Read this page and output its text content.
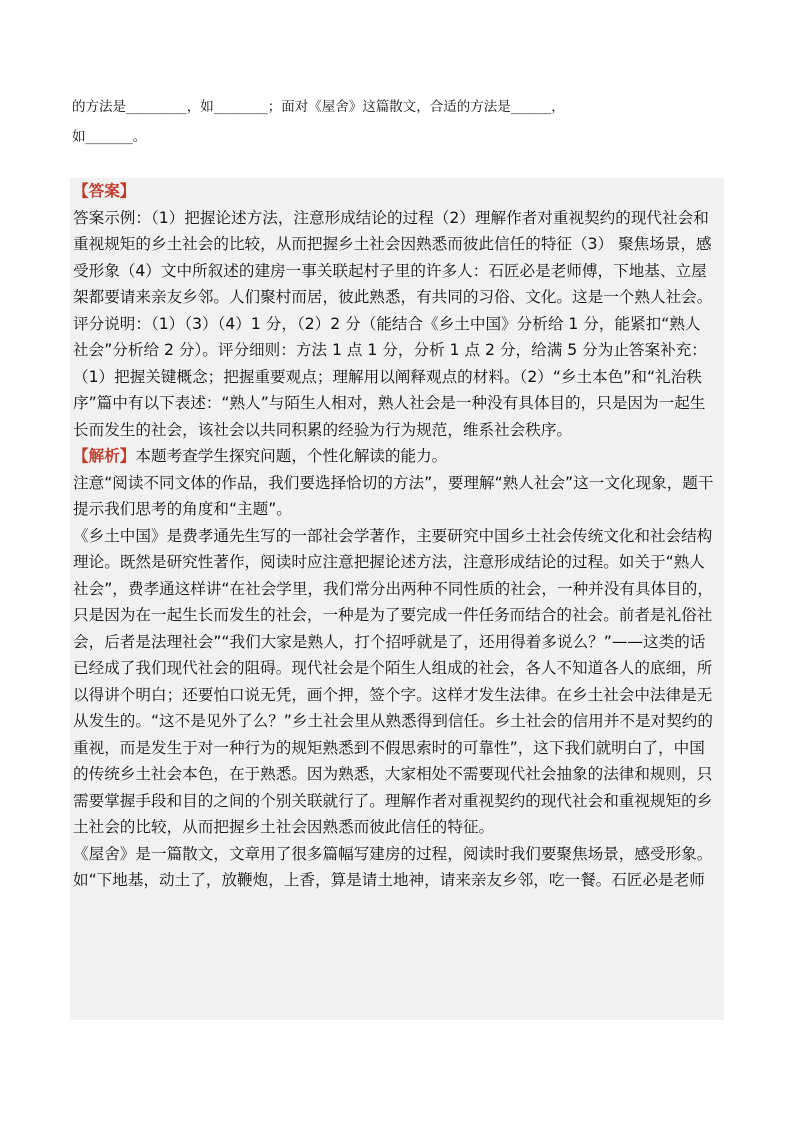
的方法是_________，如________；面对《屋舍》这篇散文，合适的方法是______，
如_______。
【答案】
答案示例：（1）把握论述方法，注意形成结论的过程（2）理解作者对重视契约的现代社会和
重视规矩的乡土社会的比较，从而把握乡土社会因熟悉而彼此信任的特征（3） 聚焦场景，感
受形象（4）文中所叙述的建房一事关联起村子里的许多人：石匠必是老师傅，下地基、立屋
架都要请来亲友乡邻。人们聚村而居，彼此熟悉，有共同的习俗、文化。这是一个熟人社会。
评分说明：（1）（3）（4）1 分，（2）2 分（能结合《乡土中国》分析给 1 分，能紧扣“熟人
社会”分析给 2 分）。评分细则：方法 1 点 1 分，分析 1 点 2 分，给满 5 分为止答案补充：
（1）把握关键概念；把握重要观点；理解用以阐释观点的材料。（2）“乡土本色”和“礼治秩
序”篇中有以下表述：“熟人”与陌生人相对，熟人社会是一种没有具体目的，只是因为一起生
长而发生的社会，该社会以共同积累的经验为行为规范，维系社会秩序。
【解析】本题考查学生探究问题，个性化解读的能力。
注意“阅读不同文体的作品，我们要选择恰切的方法”，要理解“熟人社会”这一文化现象，题干
提示我们思考的角度和“主题”。
《乡土中国》是费孝通先生写的一部社会学著作，主要研究中国乡土社会传统文化和社会结构
理论。既然是研究性著作，阅读时应注意把握论述方法，注意形成结论的过程。如关于“熟人
社会”，费孝通这样讲“在社会学里，我们常分出两种不同性质的社会，一种并没有具体目的，
只是因为在一起生长而发生的社会，一种是为了要完成一件任务而结合的社会。前者是礼俗社
会，后者是法理社会”“我们大家是熟人，打个招呼就是了，还用得着多说么？”——这类的话
已经成了我们现代社会的阻碍。现代社会是个陌生人组成的社会，各人不知道各人的底细，所
以得讲个明白；还要怕口说无凭，画个押，签个字。这样才发生法律。在乡土社会中法律是无
从发生的。“这不是见外了么？”乡土社会里从熟悉得到信任。乡土社会的信用并不是对契约的
重视，而是发生于对一种行为的规矩熟悉到不假思索时的可靠性”，这下我们就明白了，中国
的传统乡土社会本色，在于熟悉。因为熟悉，大家相处不需要现代社会抽象的法律和规则，只
需要掌握手段和目的之间的个别关联就行了。理解作者对重视契约的现代社会和重视规矩的乡
土社会的比较，从而把握乡土社会因熟悉而彼此信任的特征。
《屋舍》是一篇散文，文章用了很多篇幅写建房的过程，阅读时我们要聚焦场景，感受形象。
如“下地基，动土了，放鞭炮，上香，算是请土地神，请来亲友乡邻，吃一餐。石匠必是老师
